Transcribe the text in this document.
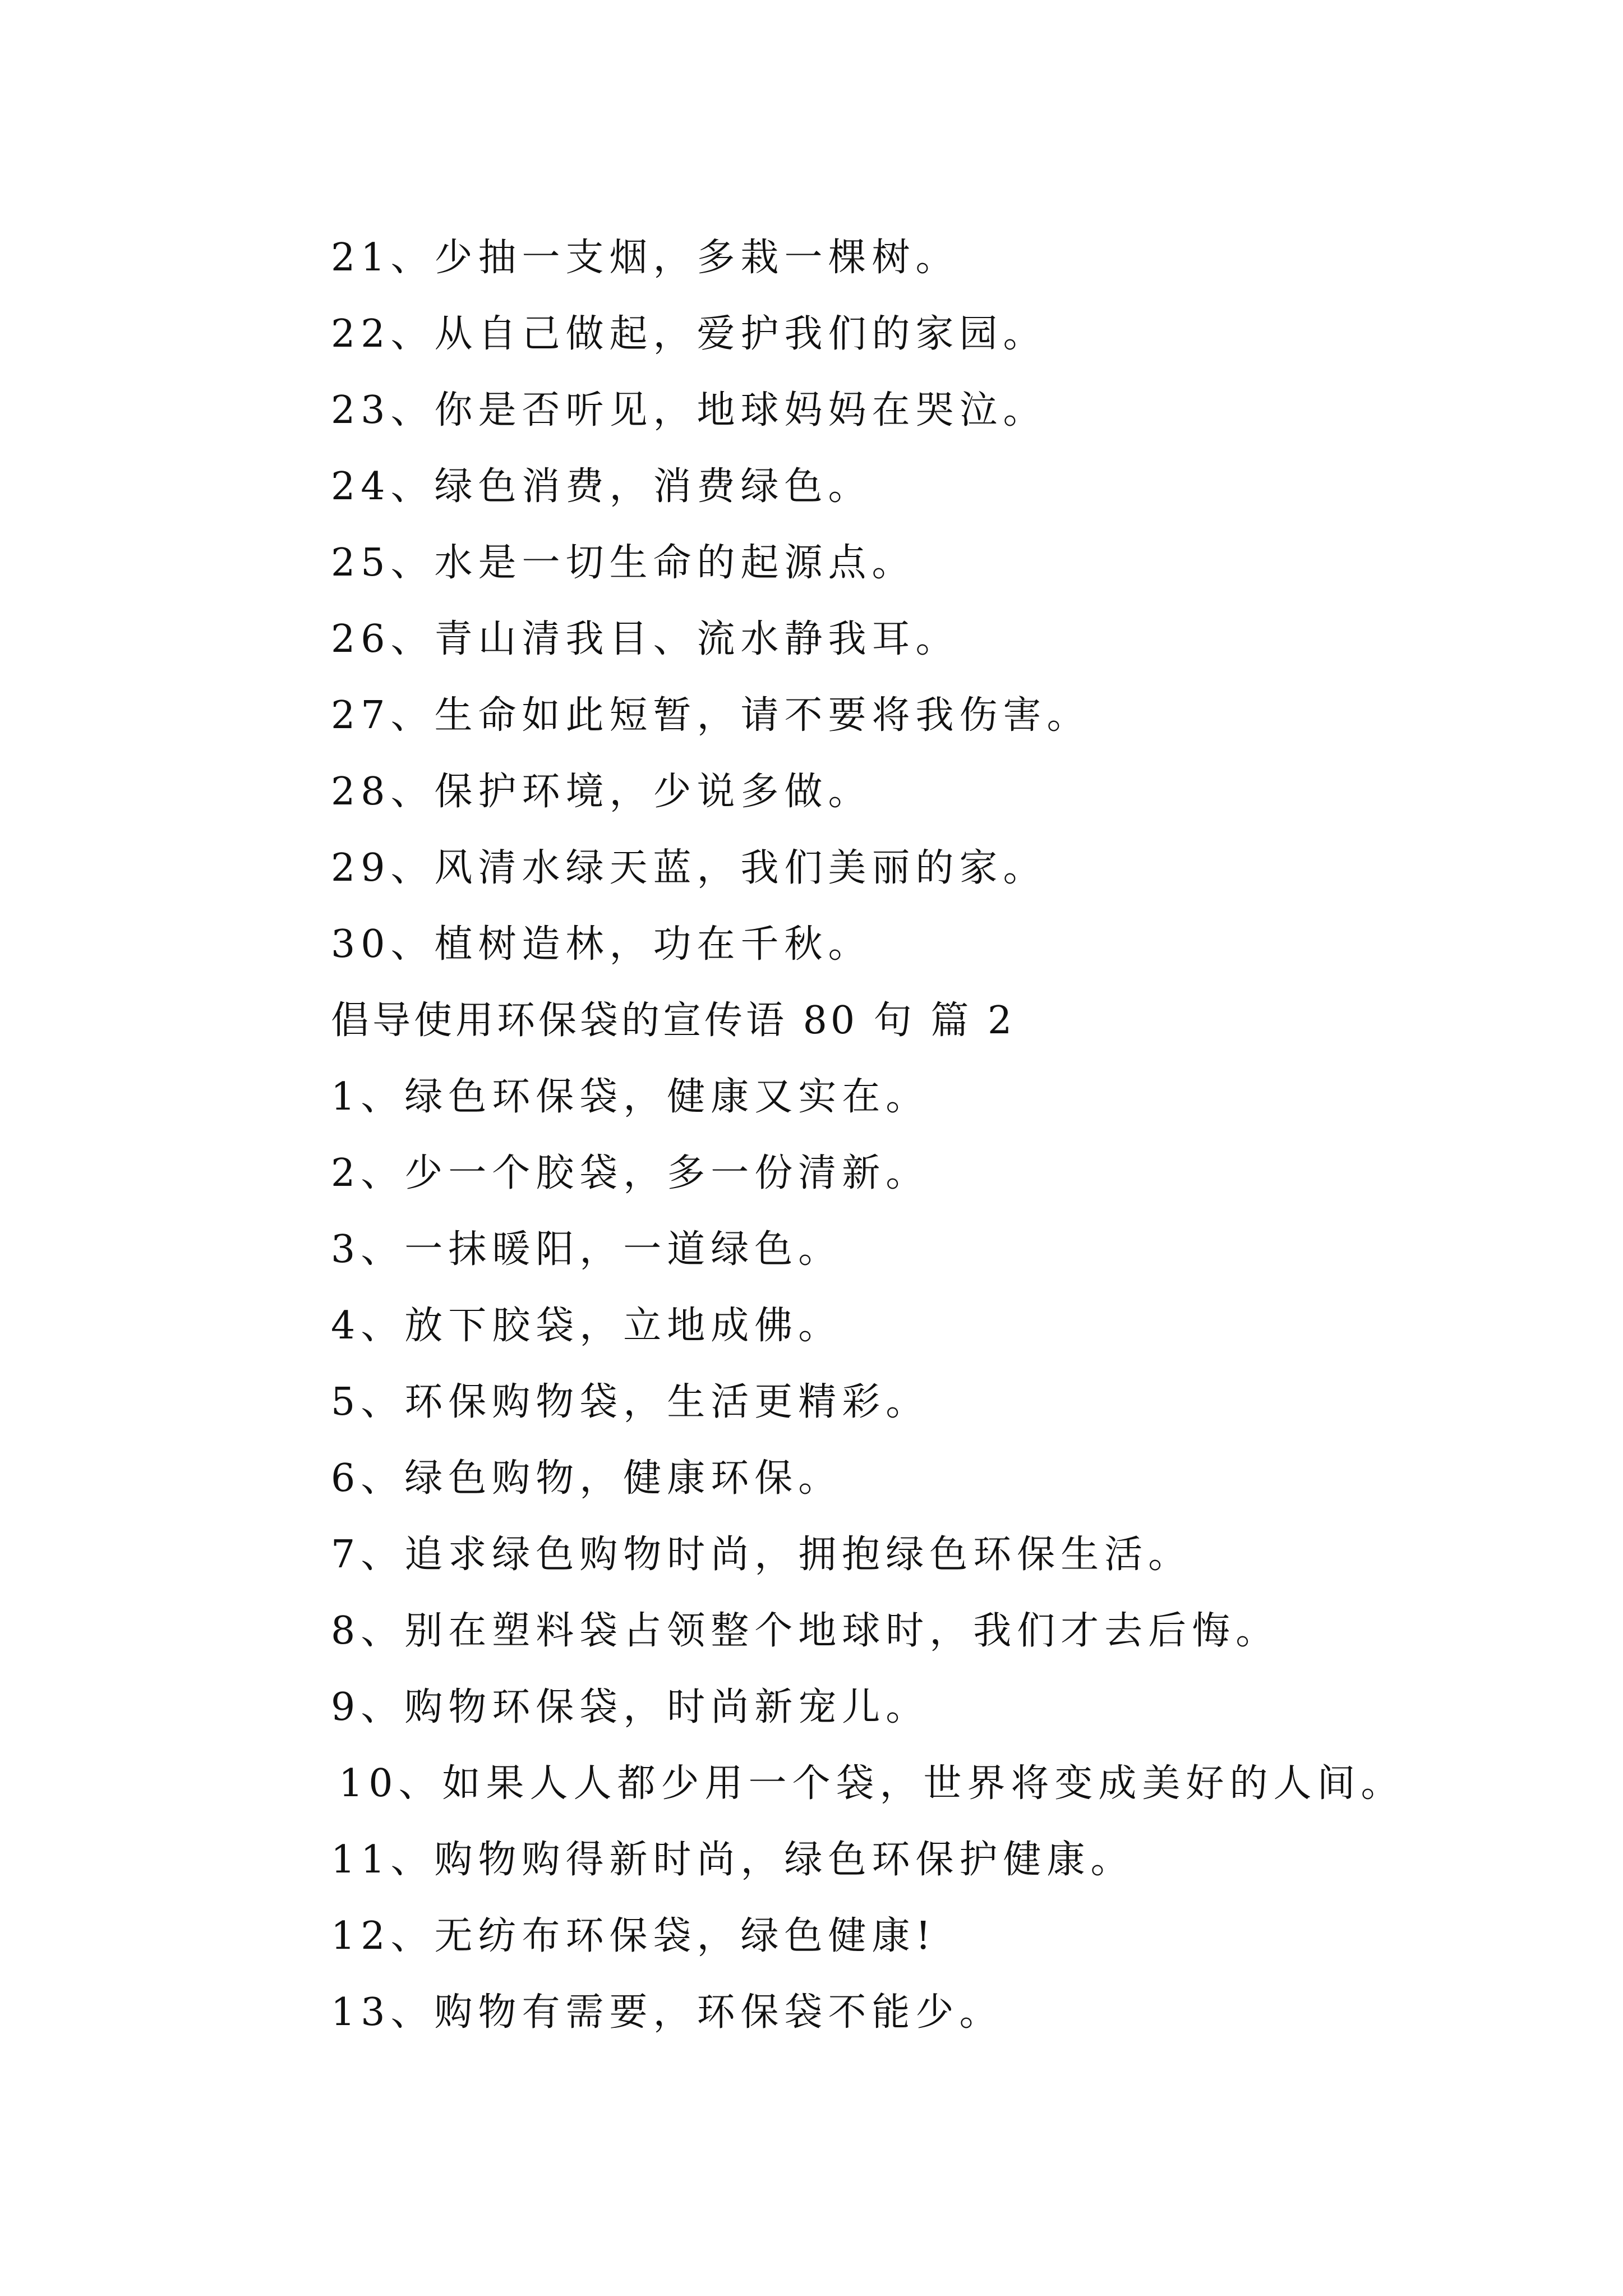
21、少抽一支烟，多栽一棵树。
22、从自己做起，爱护我们的家园。
23、你是否听见，地球妈妈在哭泣。
24、绿色消费，消费绿色。
25、水是一切生命的起源点。
26、青山清我目、流水静我耳。
27、生命如此短暂，请不要将我伤害。
28、保护环境，少说多做。
29、风清水绿天蓝，我们美丽的家。
30、植树造林，功在千秋。
倡导使用环保袋的宣传语 80 句 篇 2
1、绿色环保袋，健康又实在。
2、少一个胶袋，多一份清新。
3、一抹暖阳，一道绿色。
4、放下胶袋，立地成佛。
5、环保购物袋，生活更精彩。
6、绿色购物，健康环保。
7、追求绿色购物时尚，拥抱绿色环保生活。
8、别在塑料袋占领整个地球时，我们才去后悔。
9、购物环保袋，时尚新宠儿。
10、如果人人都少用一个袋，世界将变成美好的人间。
11、购物购得新时尚，绿色环保护健康。
12、无纺布环保袋，绿色健康!
13、购物有需要，环保袋不能少。
